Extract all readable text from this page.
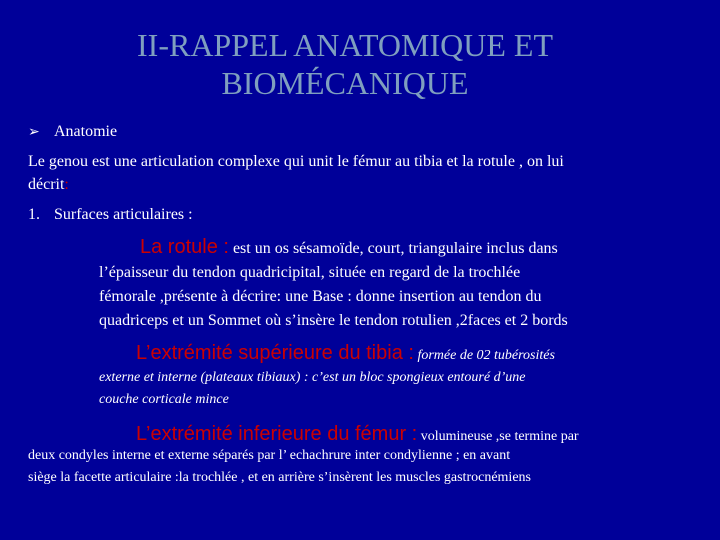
II-RAPPEL ANATOMIQUE ET
BIOMÉCANIQUE
➢ Anatomie
Le genou est une articulation complexe qui unit le fémur au tibia et la rotule , on lui
décrit:
1. Surfaces articulaires :
La rotule : est un os sésamoïde, court, triangulaire inclus dans
l’épaisseur du tendon quadricipital, située en regard de la trochlée
fémorale ,présente à décrire: une Base : donne insertion au tendon du
quadriceps et un Sommet où s’insère le tendon rotulien ,2faces et 2 bords
L’extrémité supérieure du tibia : formée de 02 tubérosités
externe et interne (plateaux tibiaux) : c’est un bloc spongieux entouré d’une
couche corticale mince
L’extrémité inferieure du fémur : volumineuse ,se termine par
deux condyles interne et externe séparés par l’ echachrure inter condylienne ; en avant
siège la facette articulaire :la trochlée , et en arrière s’insèrent les muscles gastrocnémiens
